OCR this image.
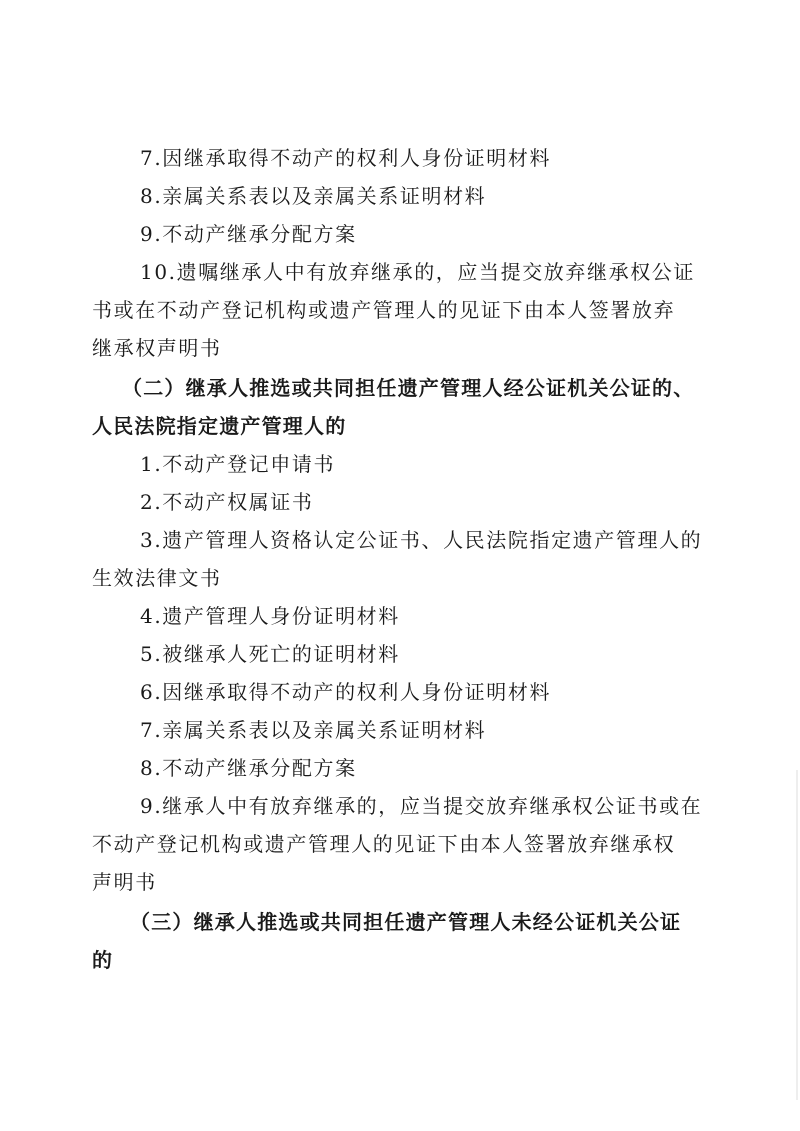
7.因继承取得不动产的权利人身份证明材料
8.亲属关系表以及亲属关系证明材料
9.不动产继承分配方案
10.遗嘱继承人中有放弃继承的，应当提交放弃继承权公证
书或在不动产登记机构或遗产管理人的见证下由本人签署放弃
继承权声明书
（二）继承人推选或共同担任遗产管理人经公证机关公证的、
人民法院指定遗产管理人的
1.不动产登记申请书
2.不动产权属证书
3.遗产管理人资格认定公证书、人民法院指定遗产管理人的
生效法律文书
4.遗产管理人身份证明材料
5.被继承人死亡的证明材料
6.因继承取得不动产的权利人身份证明材料
7.亲属关系表以及亲属关系证明材料
8.不动产继承分配方案
9.继承人中有放弃继承的，应当提交放弃继承权公证书或在
不动产登记机构或遗产管理人的见证下由本人签署放弃继承权
声明书
（三）继承人推选或共同担任遗产管理人未经公证机关公证
的
